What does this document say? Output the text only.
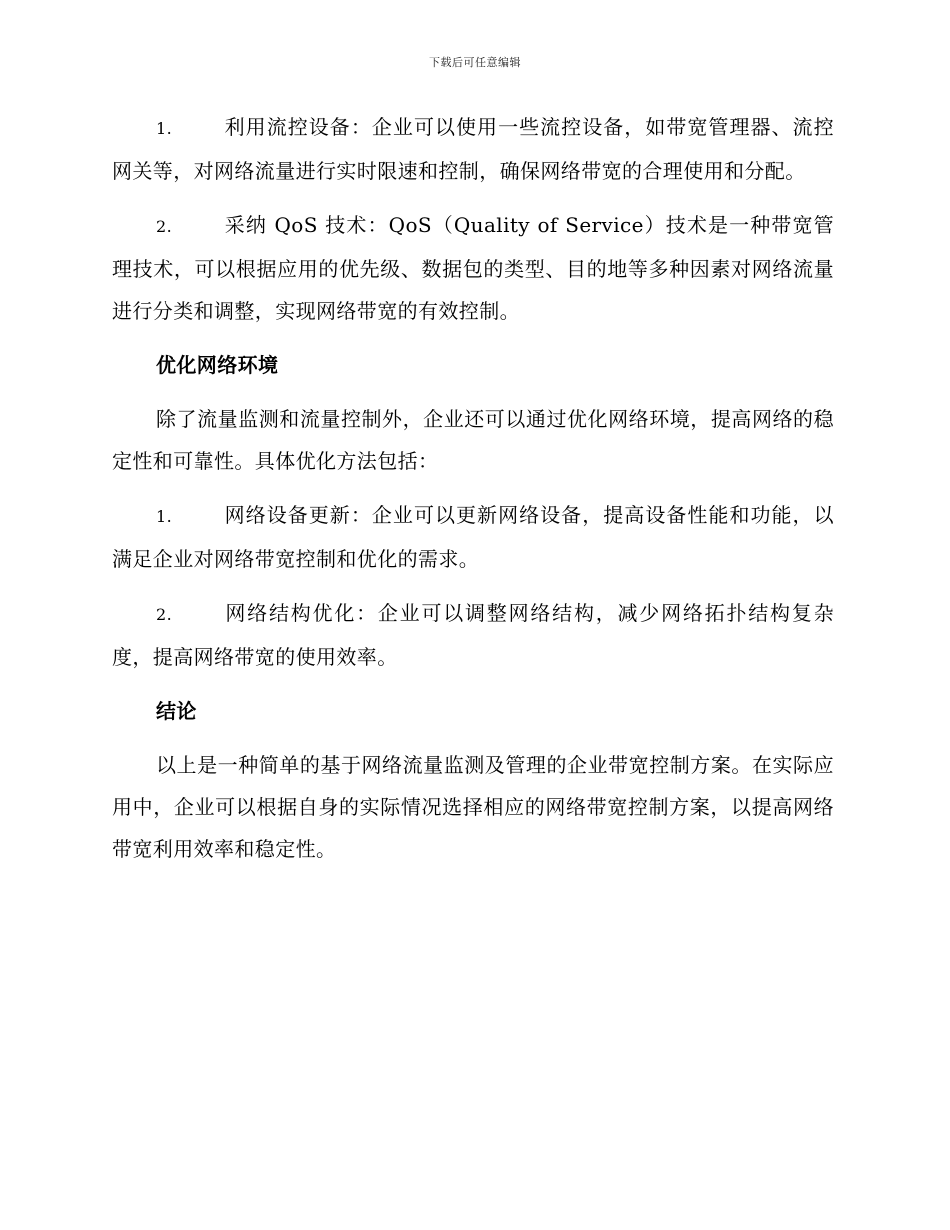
下载后可任意编辑

1.	利用流控设备：企业可以使用一些流控设备，如带宽管理器、流控网关等，对网络流量进行实时限速和控制，确保网络带宽的合理使用和分配。

2.	采纳 QoS 技术：QoS（Quality of Service）技术是一种带宽管理技术，可以根据应用的优先级、数据包的类型、目的地等多种因素对网络流量进行分类和调整，实现网络带宽的有效控制。

优化网络环境

除了流量监测和流量控制外，企业还可以通过优化网络环境，提高网络的稳定性和可靠性。具体优化方法包括：

1.	网络设备更新：企业可以更新网络设备，提高设备性能和功能，以满足企业对网络带宽控制和优化的需求。

2.	网络结构优化：企业可以调整网络结构，减少网络拓扑结构复杂度，提高网络带宽的使用效率。

结论

以上是一种简单的基于网络流量监测及管理的企业带宽控制方案。在实际应用中，企业可以根据自身的实际情况选择相应的网络带宽控制方案，以提高网络带宽利用效率和稳定性。
